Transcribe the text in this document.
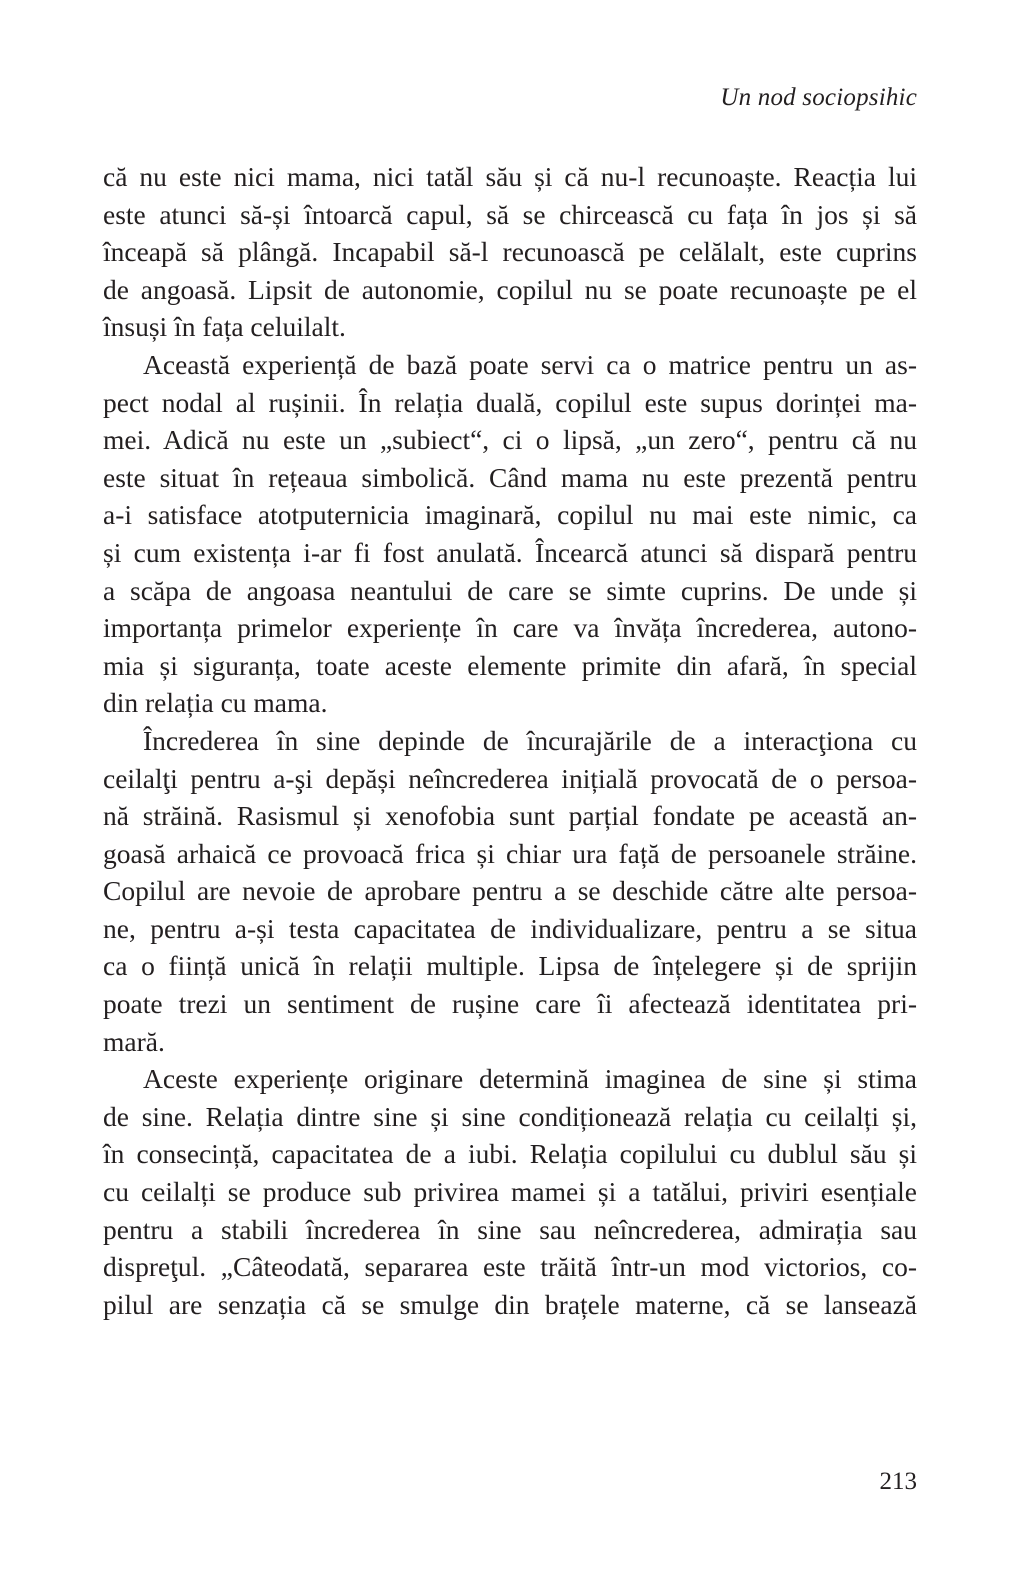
Un nod sociopsihic
că nu este nici mama, nici tatăl său și că nu-l recunoaște. Reacția lui
este atunci să-și întoarcă capul, să se chircească cu fața în jos și să
înceapă să plângă. Incapabil să-l recunoască pe celălalt, este cuprins
de angoasă. Lipsit de autonomie, copilul nu se poate recunoaște pe el
însuși în fața celuilalt.
Această experiență de bază poate servi ca o matrice pentru un as-
pect nodal al rușinii. În relația duală, copilul este supus dorinței ma-
mei. Adică nu este un „subiect“, ci o lipsă, „un zero“, pentru că nu
este situat în rețeaua simbolică. Când mama nu este prezentă pentru
a-i satisface atotputernicia imaginară, copilul nu mai este nimic, ca
și cum existența i-ar fi fost anulată. Încearcă atunci să dispară pentru
a scăpa de angoasa neantului de care se simte cuprins. De unde și
importanța primelor experiențe în care va învăța încrederea, autono-
mia și siguranța, toate aceste elemente primite din afară, în special
din relația cu mama.
Încrederea în sine depinde de încurajările de a interacţiona cu
ceilalţi pentru a-şi depăși neîncrederea inițială provocată de o persoa-
nă străină. Rasismul și xenofobia sunt parțial fondate pe această an-
goasă arhaică ce provoacă frica și chiar ura față de persoanele străine.
Copilul are nevoie de aprobare pentru a se deschide către alte persoa-
ne, pentru a-și testa capacitatea de individualizare, pentru a se situa
ca o ființă unică în relații multiple. Lipsa de înțelegere și de sprijin
poate trezi un sentiment de rușine care îi afectează identitatea pri-
mară.
Aceste experiențe originare determină imaginea de sine și stima
de sine. Relația dintre sine și sine condiționează relația cu ceilalți și,
în consecință, capacitatea de a iubi. Relația copilului cu dublul său și
cu ceilalți se produce sub privirea mamei și a tatălui, priviri esențiale
pentru a stabili încrederea în sine sau neîncrederea, admirația sau
dispreţul. „Câteodată, separarea este trăită într-un mod victorios, co-
pilul are senzația că se smulge din brațele materne, că se lansează
213
